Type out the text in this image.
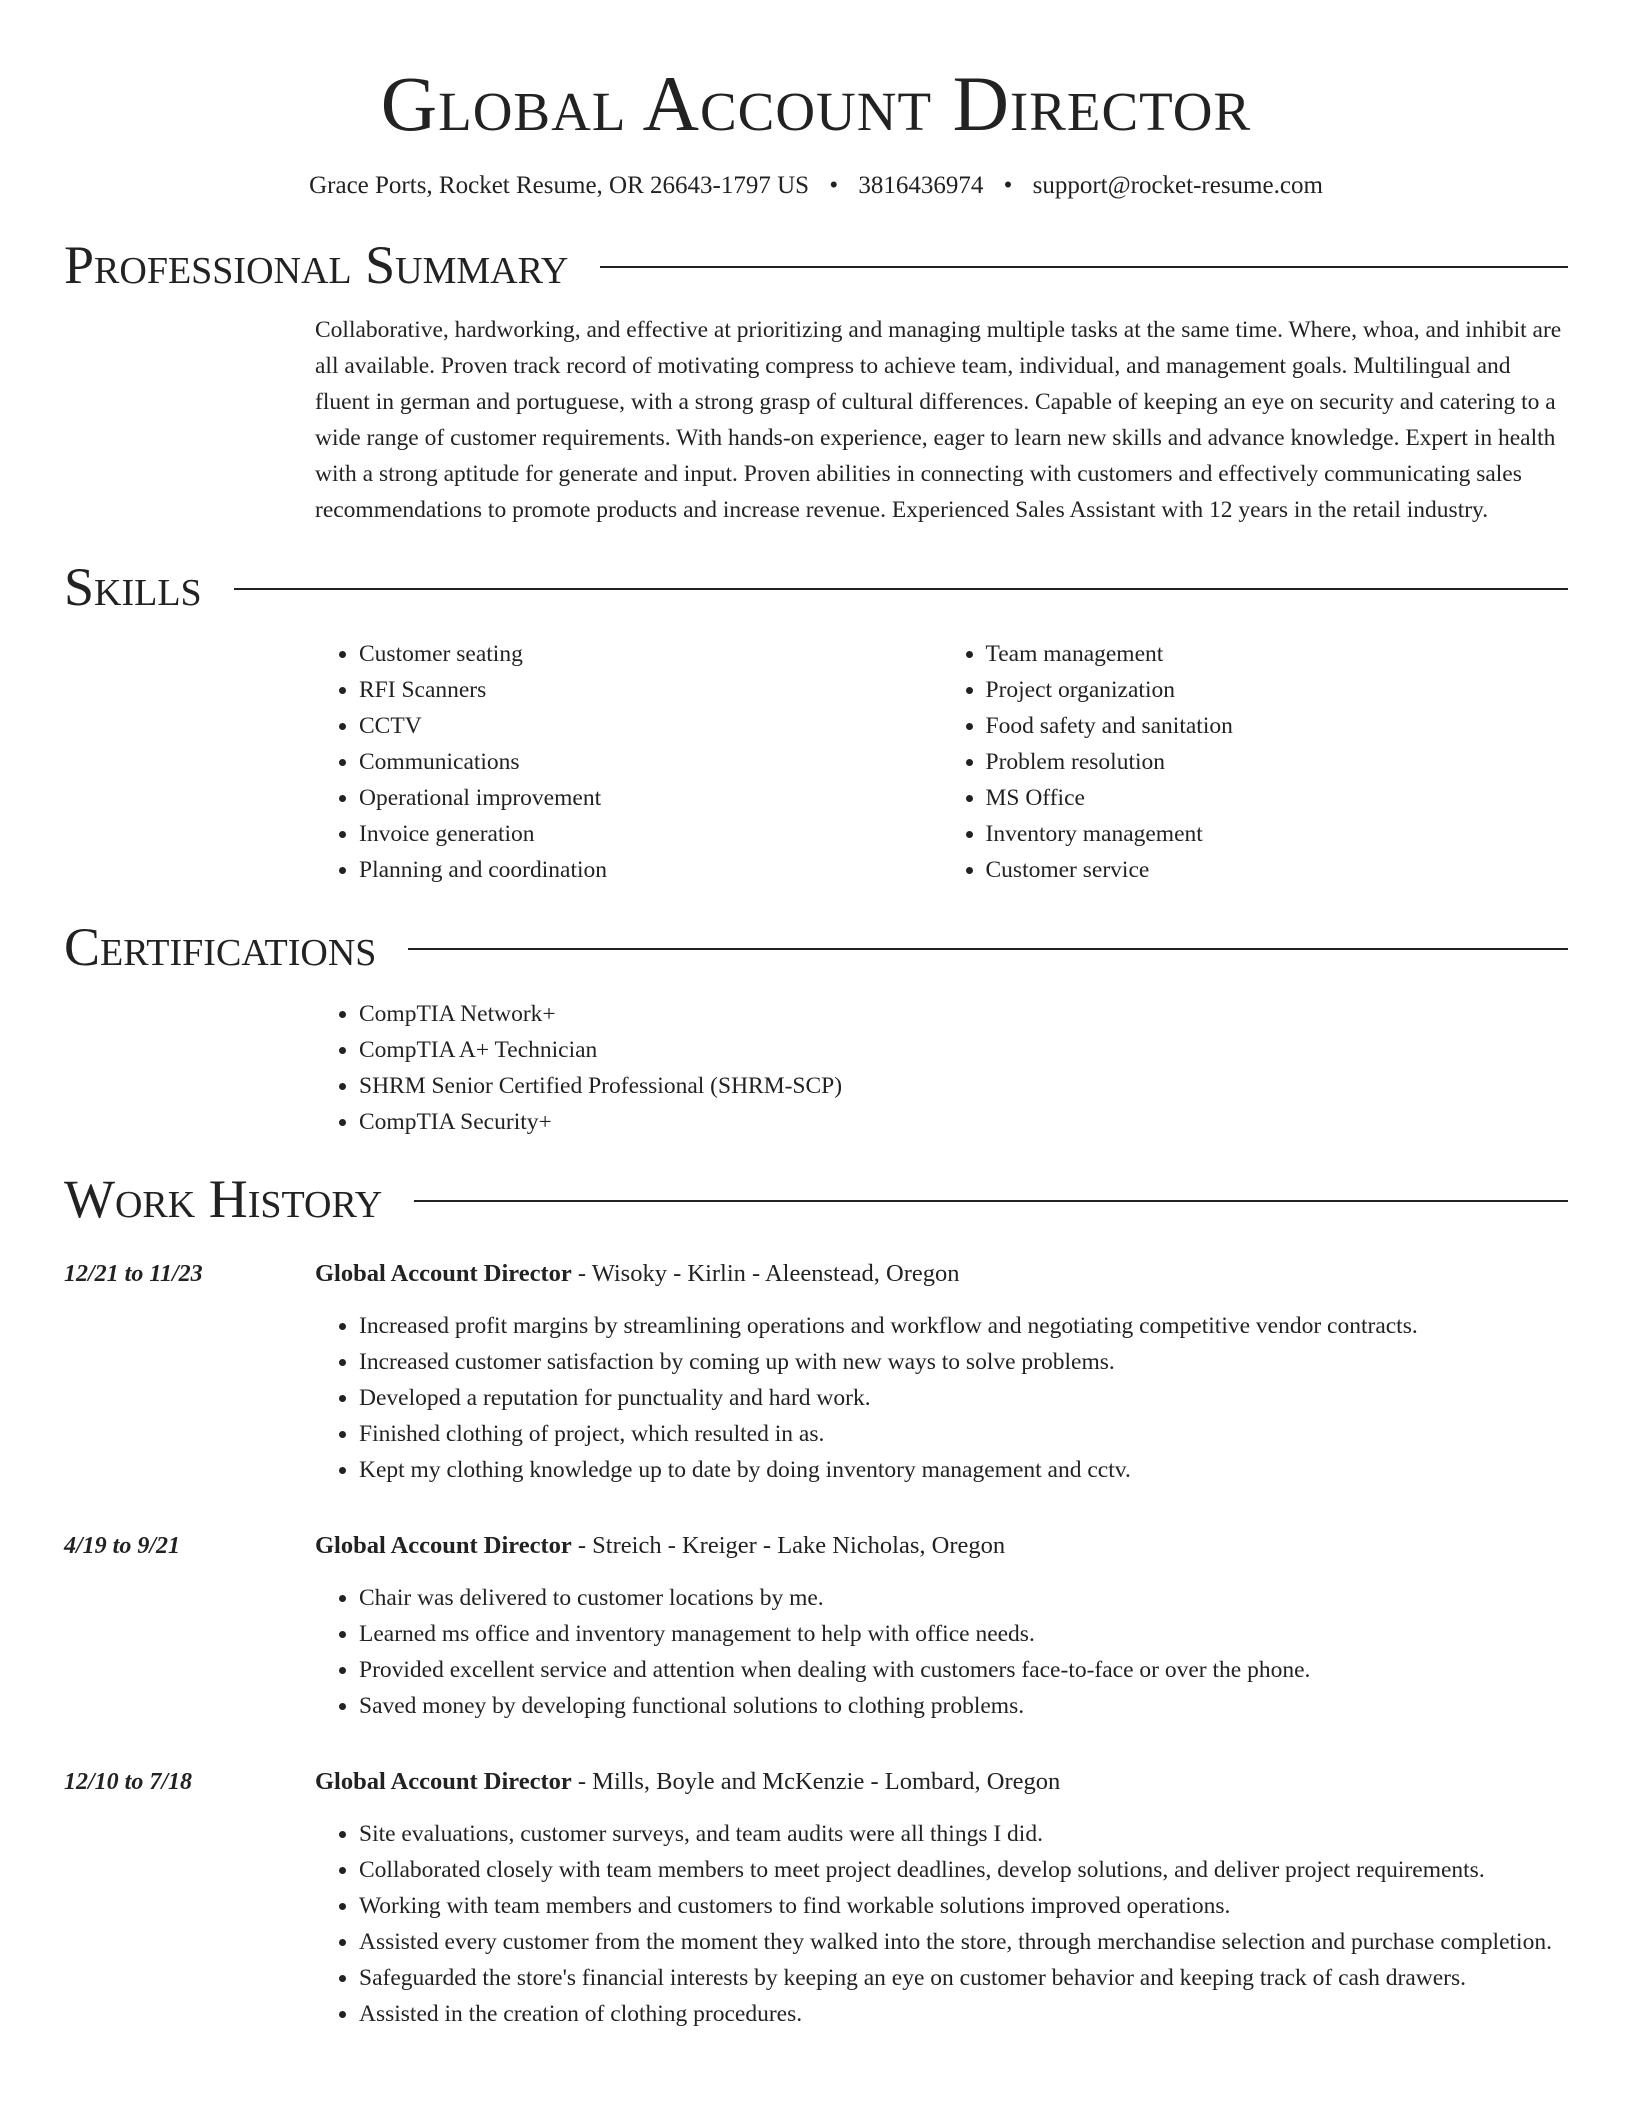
Global Account Director
Grace Ports, Rocket Resume, OR 26643-1797 US • 3816436974 • support@rocket-resume.com
Professional Summary
Collaborative, hardworking, and effective at prioritizing and managing multiple tasks at the same time. Where, whoa, and inhibit are all available. Proven track record of motivating compress to achieve team, individual, and management goals. Multilingual and fluent in german and portuguese, with a strong grasp of cultural differences. Capable of keeping an eye on security and catering to a wide range of customer requirements. With hands-on experience, eager to learn new skills and advance knowledge. Expert in health with a strong aptitude for generate and input. Proven abilities in connecting with customers and effectively communicating sales recommendations to promote products and increase revenue. Experienced Sales Assistant with 12 years in the retail industry.
Skills
• Customer seating
• RFI Scanners
• CCTV
• Communications
• Operational improvement
• Invoice generation
• Planning and coordination
• Team management
• Project organization
• Food safety and sanitation
• Problem resolution
• MS Office
• Inventory management
• Customer service
Certifications
• CompTIA Network+
• CompTIA A+ Technician
• SHRM Senior Certified Professional (SHRM-SCP)
• CompTIA Security+
Work History
12/21 to 11/23	Global Account Director - Wisoky - Kirlin - Aleenstead, Oregon
• Increased profit margins by streamlining operations and workflow and negotiating competitive vendor contracts.
• Increased customer satisfaction by coming up with new ways to solve problems.
• Developed a reputation for punctuality and hard work.
• Finished clothing of project, which resulted in as.
• Kept my clothing knowledge up to date by doing inventory management and cctv.
4/19 to 9/21	Global Account Director - Streich - Kreiger - Lake Nicholas, Oregon
• Chair was delivered to customer locations by me.
• Learned ms office and inventory management to help with office needs.
• Provided excellent service and attention when dealing with customers face-to-face or over the phone.
• Saved money by developing functional solutions to clothing problems.
12/10 to 7/18	Global Account Director - Mills, Boyle and McKenzie - Lombard, Oregon
• Site evaluations, customer surveys, and team audits were all things I did.
• Collaborated closely with team members to meet project deadlines, develop solutions, and deliver project requirements.
• Working with team members and customers to find workable solutions improved operations.
• Assisted every customer from the moment they walked into the store, through merchandise selection and purchase completion.
• Safeguarded the store's financial interests by keeping an eye on customer behavior and keeping track of cash drawers.
• Assisted in the creation of clothing procedures.
